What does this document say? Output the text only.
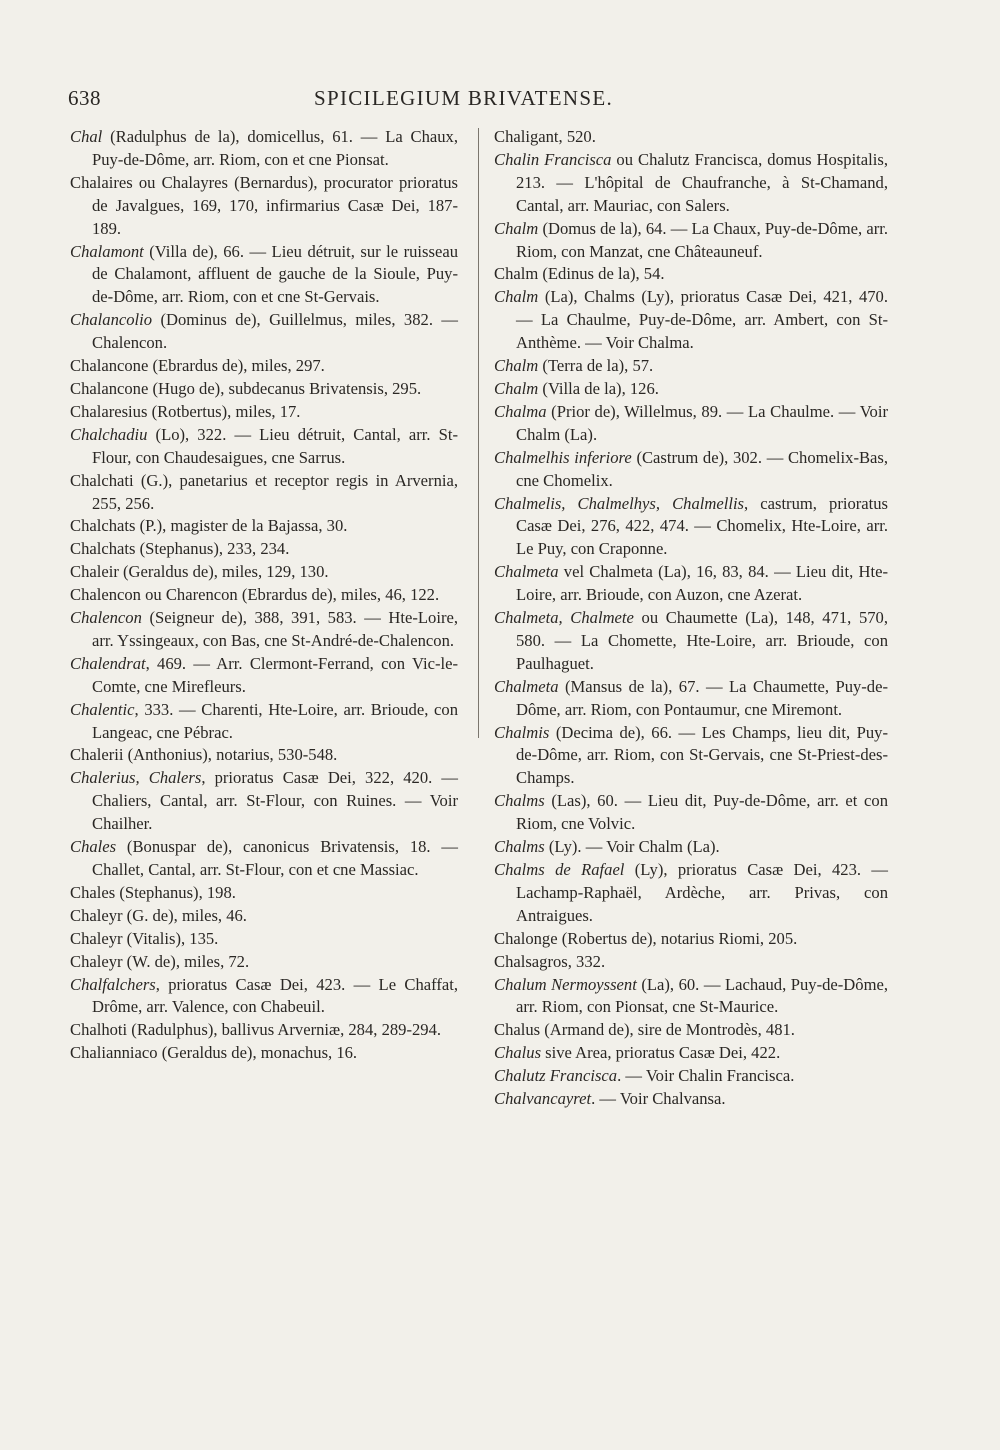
638	SPICILEGIUM BRIVATENSE.
Chal (Radulphus de la), domicellus, 61. — La Chaux, Puy-de-Dôme, arr. Riom, con et cne Pionsat.
Chalaires ou Chalayres (Bernardus), procurator prioratus de Javalgues, 169, 170, infirmarius Casæ Dei, 187-189.
Chalamont (Villa de), 66. — Lieu détruit, sur le ruisseau de Chalamont, affluent de gauche de la Sioule, Puy-de-Dôme, arr. Riom, con et cne St-Gervais.
Chalancolio (Dominus de), Guillelmus, miles, 382. — Chalencon.
Chalancone (Ebrardus de), miles, 297.
Chalancone (Hugo de), subdecanus Brivatensis, 295.
Chalaresius (Rotbertus), miles, 17.
Chalchadiu (Lo), 322. — Lieu détruit, Cantal, arr. St-Flour, con Chaudesaigues, cne Sarrus.
Chalchati (G.), panetarius et receptor regis in Arvernia, 255, 256.
Chalchats (P.), magister de la Bajassa, 30.
Chalchats (Stephanus), 233, 234.
Chaleir (Geraldus de), miles, 129, 130.
Chalencon ou Charencon (Ebrardus de), miles, 46, 122.
Chalencon (Seigneur de), 388, 391, 583. — Hte-Loire, arr. Yssingeaux, con Bas, cne St-André-de-Chalencon.
Chalendrat, 469. — Arr. Clermont-Ferrand, con Vic-le-Comte, cne Mirefleurs.
Chalentic, 333. — Charenti, Hte-Loire, arr. Brioude, con Langeac, cne Pébrac.
Chalerii (Anthonius), notarius, 530-548.
Chalerius, Chalers, prioratus Casæ Dei, 322, 420. — Chaliers, Cantal, arr. St-Flour, con Ruines. — Voir Chailher.
Chales (Bonuspar de), canonicus Brivatensis, 18. — Challet, Cantal, arr. St-Flour, con et cne Massiac.
Chales (Stephanus), 198.
Chaleyr (G. de), miles, 46.
Chaleyr (Vitalis), 135.
Chaleyr (W. de), miles, 72.
Chalfalchers, prioratus Casæ Dei, 423. — Le Chaffat, Drôme, arr. Valence, con Chabeuil.
Chalhoti (Radulphus), ballivus Arverniæ, 284, 289-294.
Chalianniaco (Geraldus de), monachus, 16.
Chaligant, 520.
Chalin Francisca ou Chalutz Francisca, domus Hospitalis, 213. — L'hôpital de Chaufranche, à St-Chamand, Cantal, arr. Mauriac, con Salers.
Chalm (Domus de la), 64. — La Chaux, Puy-de-Dôme, arr. Riom, con Manzat, cne Châteauneuf.
Chalm (Edinus de la), 54.
Chalm (La), Chalms (Ly), prioratus Casæ Dei, 421, 470. — La Chaulme, Puy-de-Dôme, arr. Ambert, con St-Anthème. — Voir Chalma.
Chalm (Terra de la), 57.
Chalm (Villa de la), 126.
Chalma (Prior de), Willelmus, 89. — La Chaulme. — Voir Chalm (La).
Chalmelhis inferiore (Castrum de), 302. — Chomelix-Bas, cne Chomelix.
Chalmelis, Chalmelhys, Chalmellis, castrum, prioratus Casæ Dei, 276, 422, 474. — Chomelix, Hte-Loire, arr. Le Puy, con Craponne.
Chalmeta vel Chalmeta (La), 16, 83, 84. — Lieu dit, Hte-Loire, arr. Brioude, con Auzon, cne Azerat.
Chalmeta, Chalmete ou Chaumette (La), 148, 471, 570, 580. — La Chomette, Hte-Loire, arr. Brioude, con Paulhaguet.
Chalmeta (Mansus de la), 67. — La Chaumette, Puy-de-Dôme, arr. Riom, con Pontaumur, cne Miremont.
Chalmis (Decima de), 66. — Les Champs, lieu dit, Puy-de-Dôme, arr. Riom, con St-Gervais, cne St-Priest-des-Champs.
Chalms (Las), 60. — Lieu dit, Puy-de-Dôme, arr. et con Riom, cne Volvic.
Chalms (Ly). — Voir Chalm (La).
Chalms de Rafael (Ly), prioratus Casæ Dei, 423. — Lachamp-Raphaël, Ardèche, arr. Privas, con Antraigues.
Chalonge (Robertus de), notarius Riomi, 205.
Chalsagros, 332.
Chalum Nermoyssent (La), 60. — Lachaud, Puy-de-Dôme, arr. Riom, con Pionsat, cne St-Maurice.
Chalus (Armand de), sire de Montrodès, 481.
Chalus sive Area, prioratus Casæ Dei, 422.
Chalutz Francisca. — Voir Chalin Francisca.
Chalvancayret. — Voir Chalvansa.
